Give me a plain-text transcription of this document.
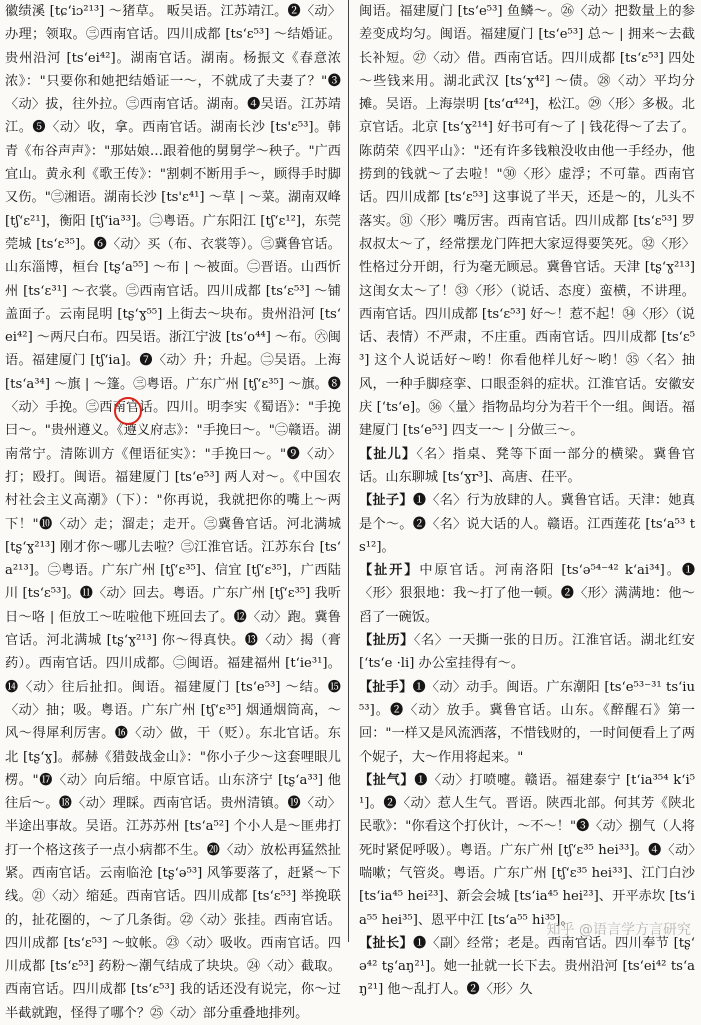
徽绩溪 [tɕʻiɔ²¹³] ～猪草。 畈吴语。江苏靖江。❷〈动〉办理；领取。㊂西南官话。四川成都 [tsʻɛ⁵³] ～结婚证。贵州沿河 [tsʻei⁴²]。湖南官话。湖南。杨振文《春意浓浓》："只要你和她把结婚证一～，不就成了夫妻了？"❸〈动〉拔，往外拉。㊂西南官话。湖南。❹吴语。江苏靖江。❺〈动〉收，拿。西南官话。湖南长沙 [ts'ɛ⁵³]。韩青《布谷声声》："那姑娘…跟着他的舅舅学～秧子。"广西宜山。黄永利《歌王传》："割刺不断用手～，顾得手时脚又伤。"㊂湘语。湖南长沙 [ts'ɛ⁴¹] ～草 | ～菜。湖南双峰 [tʃʻɛ²¹]，衡阳 [tʃʻia³³]。㊁粤语。广东阳江 [tʃʻɛ¹²]，东莞莞城 [tsʻɛ³⁵]。❻〈动〉买（布、衣裳等）。㊂冀鲁官话。山东淄博，桓台 [tʂʻa⁵⁵] ～布 | ～被面。㊁晋语。山西忻州 [tsʻɛ³¹] ～衣裳。㊂西南官话。四川成都 [tsʻɛ⁵³] ～铺盖面子。云南昆明 [tʂʻɣ⁵⁵] 上街去～块布。贵州沿河 [tsʻei⁴²] ～两尺白布。四吴语。浙江宁波 [tsʻo⁴⁴] ～布。㊅闽语。福建厦门 [tʃʻia]。❼〈动〉升；升起。㊁吴语。上海 [tsʻa³⁴] ～旗 | ～篷。㊂粤语。广东广州 [tʃʻɛ³⁵] ～旗。❽〈动〉手挽。㊂西南官话。四川。明李实《蜀语》："手挽曰～。"贵州遵义。《遵义府志》："手挽曰～。"㊁赣语。湖南常宁。清陈训方《俚语征实》："手挽曰～。"❾〈动〉打；殴打。闽语。福建厦门 [tsʻe⁵³] 两人对～。《中国农村社会主义高潮》（下）："你再说，我就把你的嘴上～两下！"❿〈动〉走；溜走；走开。㊂冀鲁官话。河北满城 [tʂʻɣ²¹³] 刚才你～哪儿去啦？㊂江淮官话。江苏东台 [tsʻa²¹³]。㊁粤语。广东广州 [tʃʻɛ³⁵]、信宜 [tʃʻɛ³⁵]，广西陆川 [tsʻɛ⁵³]。⓫〈动〉回去。粤语。广东广州 [tʃʻɛ³⁵] 我听日～咯 | 佢放工～咗啦他下班回去了。⓬〈动〉跑。冀鲁官话。河北满城 [tʂʻɣ²¹³] 你～得真快。⓭〈动〉揭（膏药）。西南官话。四川成都。㊁闽语。福建福州 [tʻie³¹]。⓮〈动〉往后扯扣。闽语。福建厦门 [tsʻe⁵³] ～结。⓯〈动〉抽；吸。粤语。广东广州 [tʃʻɛ³⁵] 烟通烟筒高，～风～得犀利厉害。⓰〈动〉做，干（贬）。东北官话。东北 [tʂʻɣ]。郝赫《猎鼓战金山》："你小子少～这套哩眼儿楞。"⓱〈动〉向后缩。中原官话。山东济宁 [tʂʻa³³] 他往后～。⓲〈动〉理睬。西南官话。贵州清镇。⓳〈动〉半途出事故。吴语。江苏苏州 [tsʻa⁵²] 个小人是～匪弗打打一个格这孩子一点小病都不生。⓴〈动〉放松再猛然扯紧。西南官话。云南临沧 [tʂʻə⁵³] 风筝要落了，赶紧～下线。㉑〈动〉缩延。西南官话。四川成都 [tsʻɛ⁵³] 举挽联的，扯花圈的，～了几条街。㉒〈动〉张挂。西南官话。四川成都 [tsʻɛ⁵³] ～蚊帐。㉓〈动〉吸收。西南官话。四川成都 [tsʻɛ⁵³] 药粉～潮气结成了块块。㉔〈动〉截取。西南官话。四川成都 [tsʻɛ⁵³] 我的话还没有说完，你～过半截就跑，怪得了哪个？㉕〈动〉部分重叠地排列。

闽语。福建厦门 [tsʻe⁵³] 鱼鳞～。㉖〈动〉把数量上的参差变成均匀。闽语。福建厦门 [tsʻe⁵³] 总～ | 拥来～去截长补短。㉗〈动〉借。西南官话。四川成都 [tsʻɛ⁵³] 四处～些钱来用。湖北武汉 [tsʻɣ⁴²] ～债。㉘〈动〉平均分摊。吴语。上海崇明 [tsʻɑ⁴²⁴]，松江。㉙〈形〉多极。北京官话。北京 [tsʻɣ²¹⁴] 好书可有～了 | 钱花得～了去了。陈荫荣《四平山》："还有许多钱粮没收由他一手经办，他捞到的钱就～了去啦！"㉚〈形〉虚浮；不可靠。西南官话。四川成都 [tsʻɛ⁵³] 这事说了半天，还是～的，儿头不落实。㉛〈形〉嘴厉害。西南官话。四川成都 [tsʻɛ⁵³] 罗叔叔太～了，经常摆龙门阵把大家逗得要笑死。㉜〈形〉性格过分开朗，行为毫无顾忌。冀鲁官话。天津 [tʂʻɣ²¹³] 这闺女太～了！㉝〈形〉（说话、态度）蛮横，不讲理。西南官话。四川成都 [tsʻɛ⁵³] 好～！惹不起！㉞〈形〉（说话、表情）不严肃，不庄重。西南官话。四川成都 [tsʻɛ⁵³] 这个人说话好～哟！你看他样儿好～哟！㉟〈名〉抽风，一种手脚痉挛、口眼歪斜的症状。江淮官话。安徽安庆 [ʻtsʻe]。㊱〈量〉指物品均分为若干个一组。闽语。福建厦门 [tsʻe⁵³] 四支一～ | 分做三～。

【扯儿】〈名〉指桌、凳等下面一部分的横梁。冀鲁官话。山东聊城 [tsʻɣr³]、高唐、茌平。

【扯子】❶〈名〉行为放肆的人。冀鲁官话。天津：她真是个～。❷〈名〉说大话的人。赣语。江西莲花 [tsʻa⁵³ ts¹²]。

【扯开】中原官话。河南洛阳 [tsʻə⁵⁴⁻⁴² kʻai³⁴]。❶〈形〉狠狠地：我～打了他一顿。❷〈形〉满满地：他～舀了一碗饭。

【扯历】〈名〉一天撕一张的日历。江淮官话。湖北红安 [ʻtsʻe ·li] 办公室挂得有～。

【扯手】❶〈动〉动手。闽语。广东潮阳 [tsʻe⁵³⁻³¹ tsʻiu⁵³]。❷〈动〉放手。冀鲁官话。山东。《醉醒石》第一回："一样又是风流洒落，不惜钱财的，一时间便看上了两个妮子，大～作用将起来。"

【扯气】❶〈动〉打喷嚏。赣语。福建泰宁 [tʻia³⁵⁴ kʻi⁵¹]。❷〈动〉惹人生气。晋语。陕西北部。何其芳《陕北民歌》："你看这个打伙计，～不～！"❸〈动〉捌气（人将死时紧促呼吸）。粤语。广东广州 [tʃʻɛ³⁵ hei³³]。❹〈动〉喘嗽；气管炎。粤语。广东广州 [tʃʻɛ³⁵ hei³³]、江门白沙 [tsʻia⁴⁵ hei²³]、新会会城 [tsʻia⁴⁵ hei²³]、开平赤坎 [tsʻia⁵⁵ hei³⁵]、恩平中江 [tsʻa⁵⁵ hi³⁵]。

【扯长】❶〈副〉经常；老是。西南官话。四川奉节 [tʂʻə⁴² tʂʻaŋ²¹]。她一扯就一长下去。贵州沿河 [tsʻei⁴² tsʻaŋ²¹] 他～乱打人。❷〈形〉久

知乎 @语言学方言研究
